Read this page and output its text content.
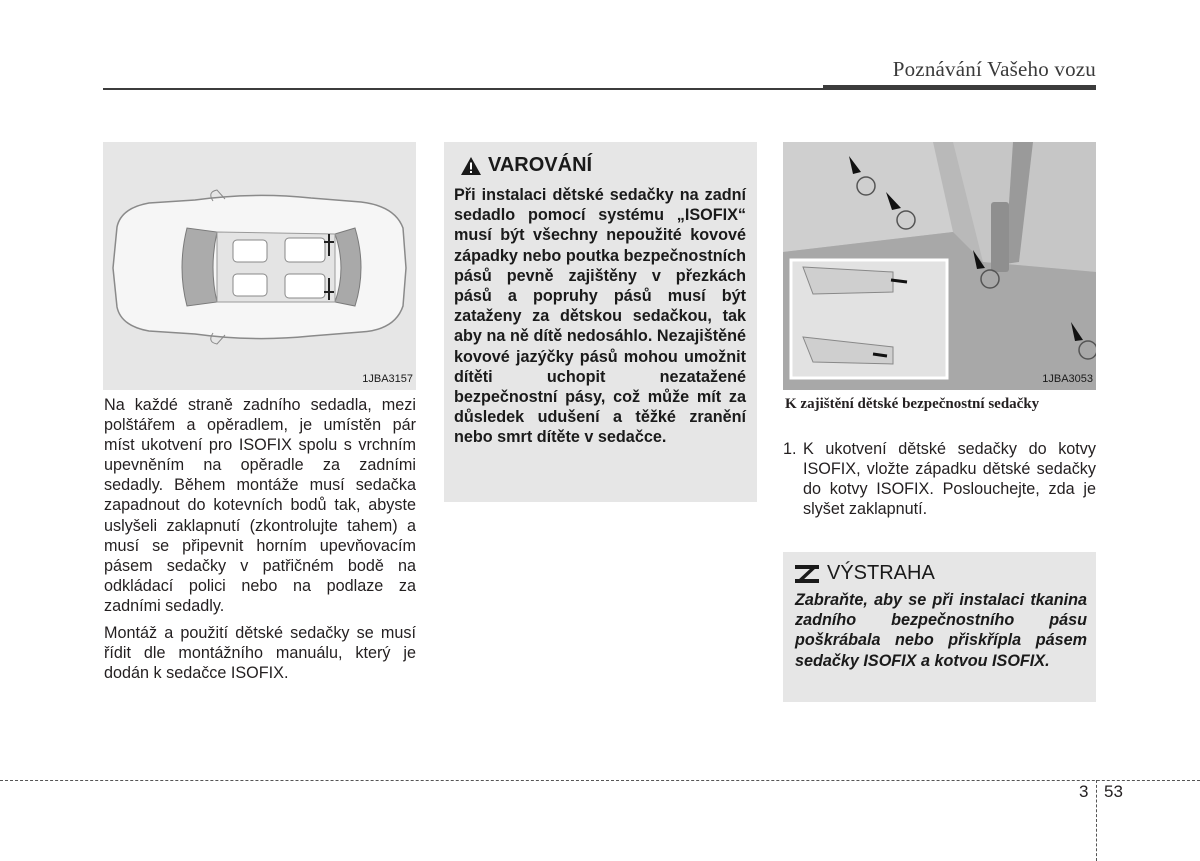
Poznávání Vašeho vozu
1JBA3157

Na každé straně zadního sedadla, mezi polštářem a opěradlem, je umístěn pár míst ukotvení pro ISOFIX spolu s vrchním upevněním na opěradle za zadními sedadly. Během montáže musí sedačka zapadnout do kotevních bodů tak, abyste uslyšeli zaklapnutí (zkontrolujte tahem) a musí se připevnit horním upevňovacím pásem sedačky v patřičném bodě na odkládací polici nebo na podlaze za zadními sedadly.

Montáž a použití dětské sedačky se musí řídit dle montážního manuálu, který je dodán k sedačce ISOFIX.

VAROVÁNÍ
Při instalaci dětské sedačky na zadní sedadlo pomocí systému „ISOFIX“ musí být všechny nepoužité kovové západky nebo poutka bezpečnostních pásů pevně zajištěny v přezkách pásů a popruhy pásů musí být zataženy za dětskou sedačkou, tak aby na ně dítě nedosáhlo. Nezajištěné kovové jazýčky pásů mohou umožnit dítěti uchopit nezatažené bezpečnostní pásy, což může mít za důsledek udušení a těžké zranění nebo smrt dítěte v sedačce.
1JBA3053
K zajištění dětské bezpečnostní sedačky
1. K ukotvení dětské sedačky do kotvy ISOFIX, vložte západku dětské sedačky do kotvy ISOFIX. Poslouchejte, zda je slyšet zaklapnutí.
VÝSTRAHA
Zabraňte, aby se při instalaci tkanina zadního bezpečnostního pásu poškrábala nebo přiskřípla pásem sedačky ISOFIX a kotvou ISOFIX.
3 53
